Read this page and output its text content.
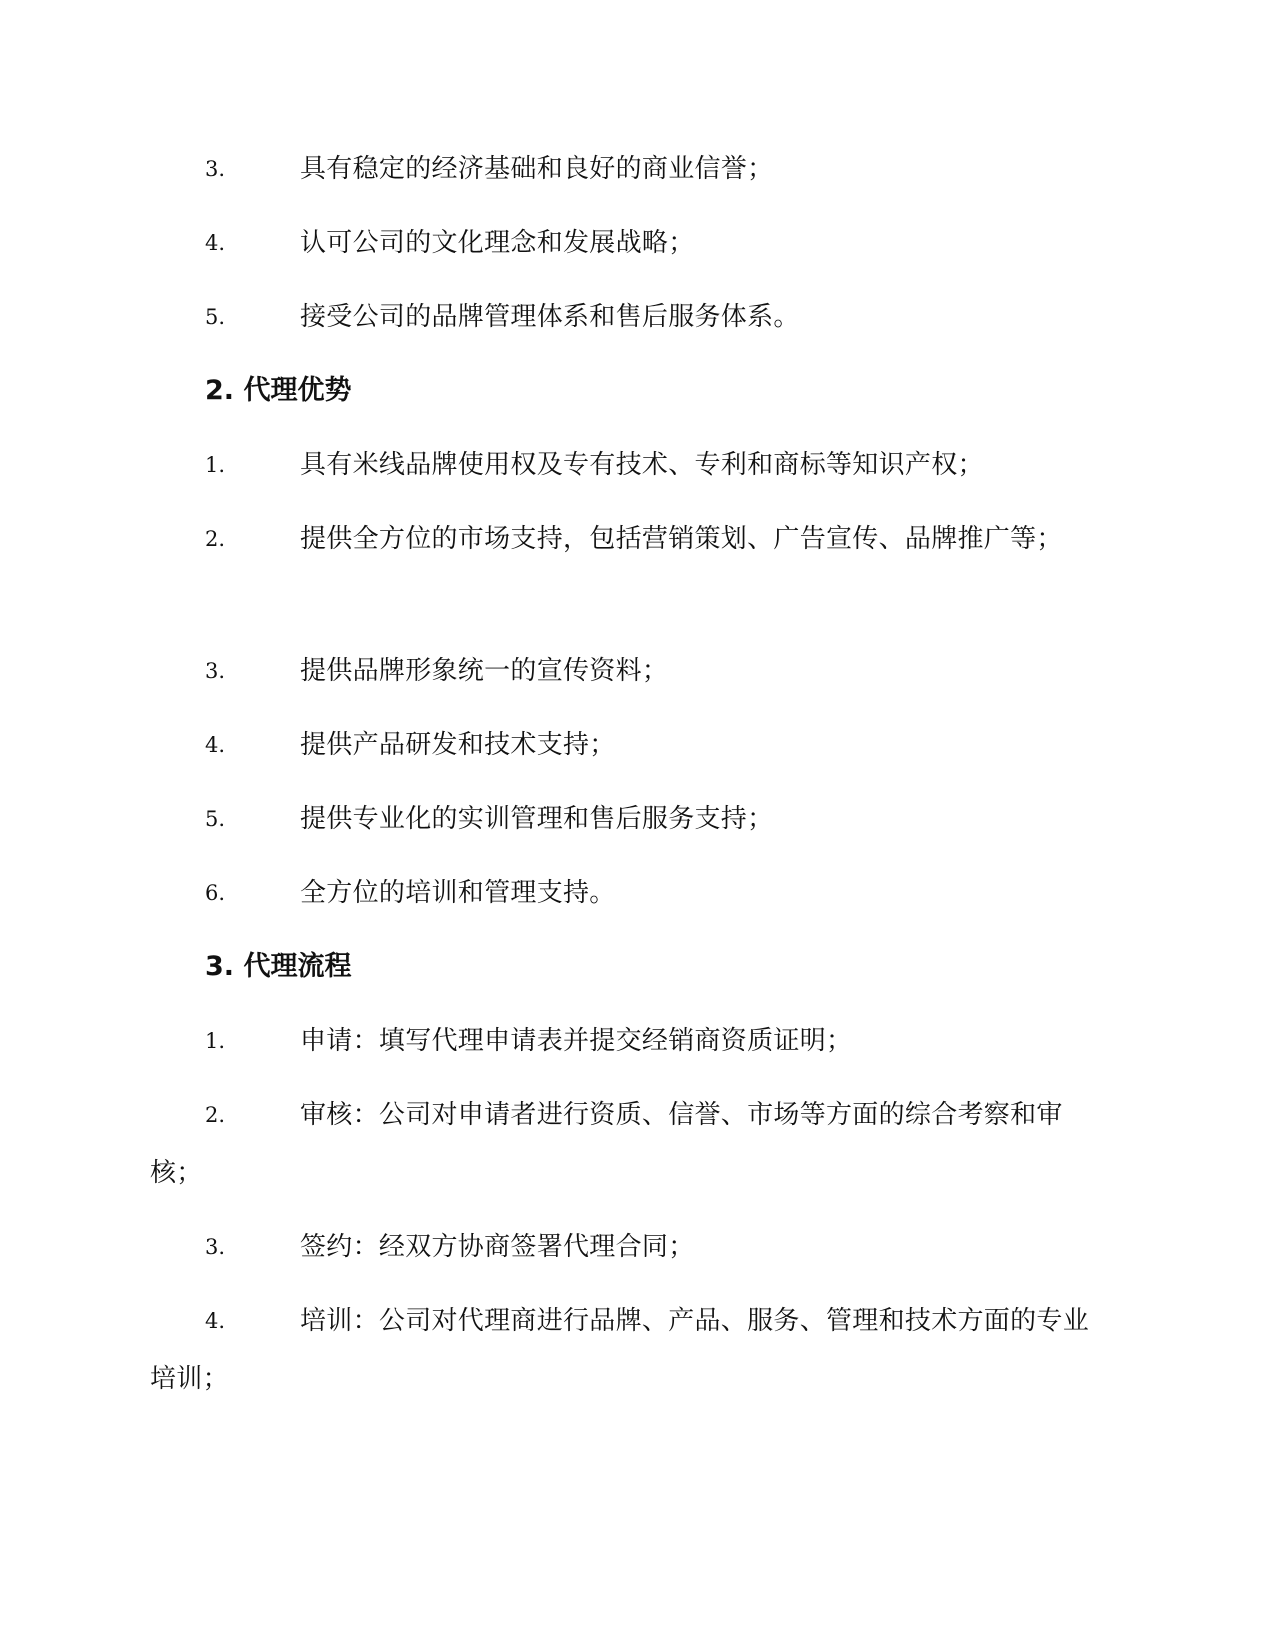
3.	具有稳定的经济基础和良好的商业信誉；
4.	认可公司的文化理念和发展战略；
5.	接受公司的品牌管理体系和售后服务体系。
2. 代理优势
1.	具有米线品牌使用权及专有技术、专利和商标等知识产权；
2.	提供全方位的市场支持，包括营销策划、广告宣传、品牌推广等；
3.	提供品牌形象统一的宣传资料；
4.	提供产品研发和技术支持；
5.	提供专业化的实训管理和售后服务支持；
6.	全方位的培训和管理支持。
3. 代理流程
1.	申请：填写代理申请表并提交经销商资质证明；
2.	审核：公司对申请者进行资质、信誉、市场等方面的综合考察和审核；
3.	签约：经双方协商签署代理合同；
4.	培训：公司对代理商进行品牌、产品、服务、管理和技术方面的专业培训；
